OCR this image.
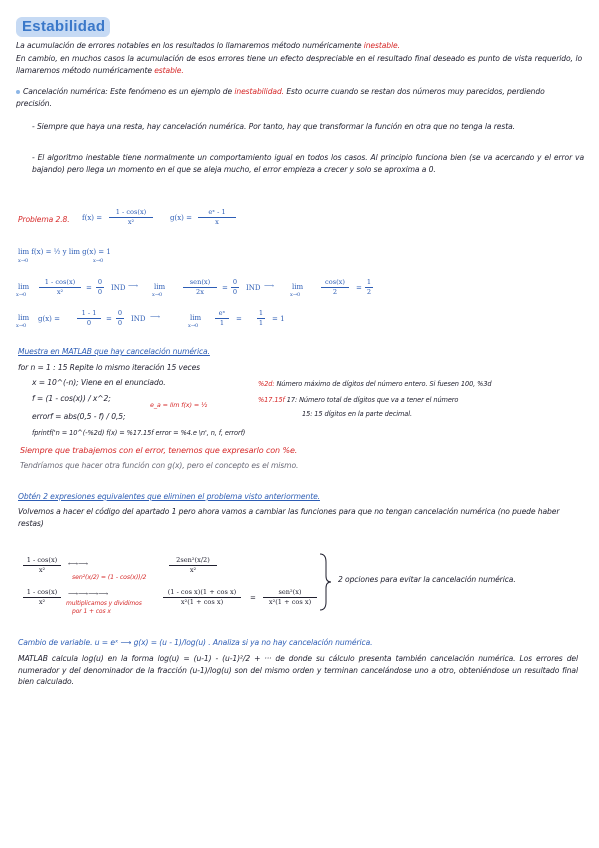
Estabilidad
La acumulación de errores notables en los resultados lo llamaremos método numéricamente inestable.
En cambio, en muchos casos la acumulación de esos errores tiene un efecto despreciable en el resultado final deseado es punto de vista requerido, lo llamaremos método numéricamente estable.
Cancelación numérica: Este fenómeno es un ejemplo de inestabilidad. Esto ocurre cuando se restan dos números muy parecidos, perdiendo precisión.
- Siempre que haya una resta, hay cancelación numérica. Por tanto, hay que transformar la función en otra que no tenga la resta.
- El algoritmo inestable tiene normalmente un comportamiento igual en todos los casos. Al principio funciona bien (se va acercando y el error va bajando) pero llega un momento en el que se aleja mucho, el error empieza a crecer y solo se aproxima a 0.
Problema 2.8. f(x) =
1 - cos(x)
x²	g(x) =
eˣ - 1
x
lim f(x) = ½ y lim g(x) = 1
x→0	x→0
lim
x→0
1 - cos(x)
x²	=
0
0	IND ⟶ lim
x→0
sen(x)
2x	=
0
0	IND ⟶	lim
x→0
cos(x)
2	=
1
2
lim
x→0
g(x) =
1 - 1
0	=
0
0	IND ⟶	lim
x→0
eˣ
1	=
1
1	= 1
Muestra en MATLAB que hay cancelación numérica.
for n = 1 : 15 Repite lo mismo iteración 15 veces
x = 10^(-n); Viene en el enunciado.
f = (1 - cos(x)) / x^2;
e_a = lim f(x) = ½
errorf = abs(0,5 - f) / 0,5;
fprintf('n = 10^(-%2d) f(x) = %17.15f error = %4.e \n', n, f, errorf)
%2d: Número máximo de dígitos del número entero. Si fuesen 100, %3d
%17.15f 17: Número total de dígitos que va a tener el número
15: 15 dígitos en la parte decimal.
Siempre que trabajemos con el error, tenemos que expresarlo con %e.
Tendríamos que hacer otra función con g(x), pero el concepto es el mismo.
Obtén 2 expresiones equivalentes que eliminen el problema visto anteriormente.
Volvemos a hacer el código del apartado 1 pero ahora vamos a cambiar las funciones para que no tengan cancelación numérica (no puede haber restas)
1 - cos(x)
x²
⟷⟶	2sen²(x/2)
x²
sen²(x/2) = (1 - cos(x))/2
1 - cos(x)
x²
⟶⟶⟶⟶
multiplicamos y dividimos
por 1 + cos x
(1 - cos x)(1 + cos x)
x²(1 + cos x)	=
sen²(x)
x²(1 + cos x)
2 opciones para evitar la cancelación numérica.
Cambio de variable. u = eˣ ⟶ g(x) = (u - 1)/log(u) . Analiza si ya no hay cancelación numérica.
MATLAB calcula log(u) en la forma log(u) = (u-1) - (u-1)²/2 + ··· de donde su cálculo presenta también cancelación numérica. Los errores del numerador y del denominador de la fracción (u-1)/log(u) son del mismo orden y terminan cancelándose uno a otro, obteniéndose un resultado final bien calculado.
